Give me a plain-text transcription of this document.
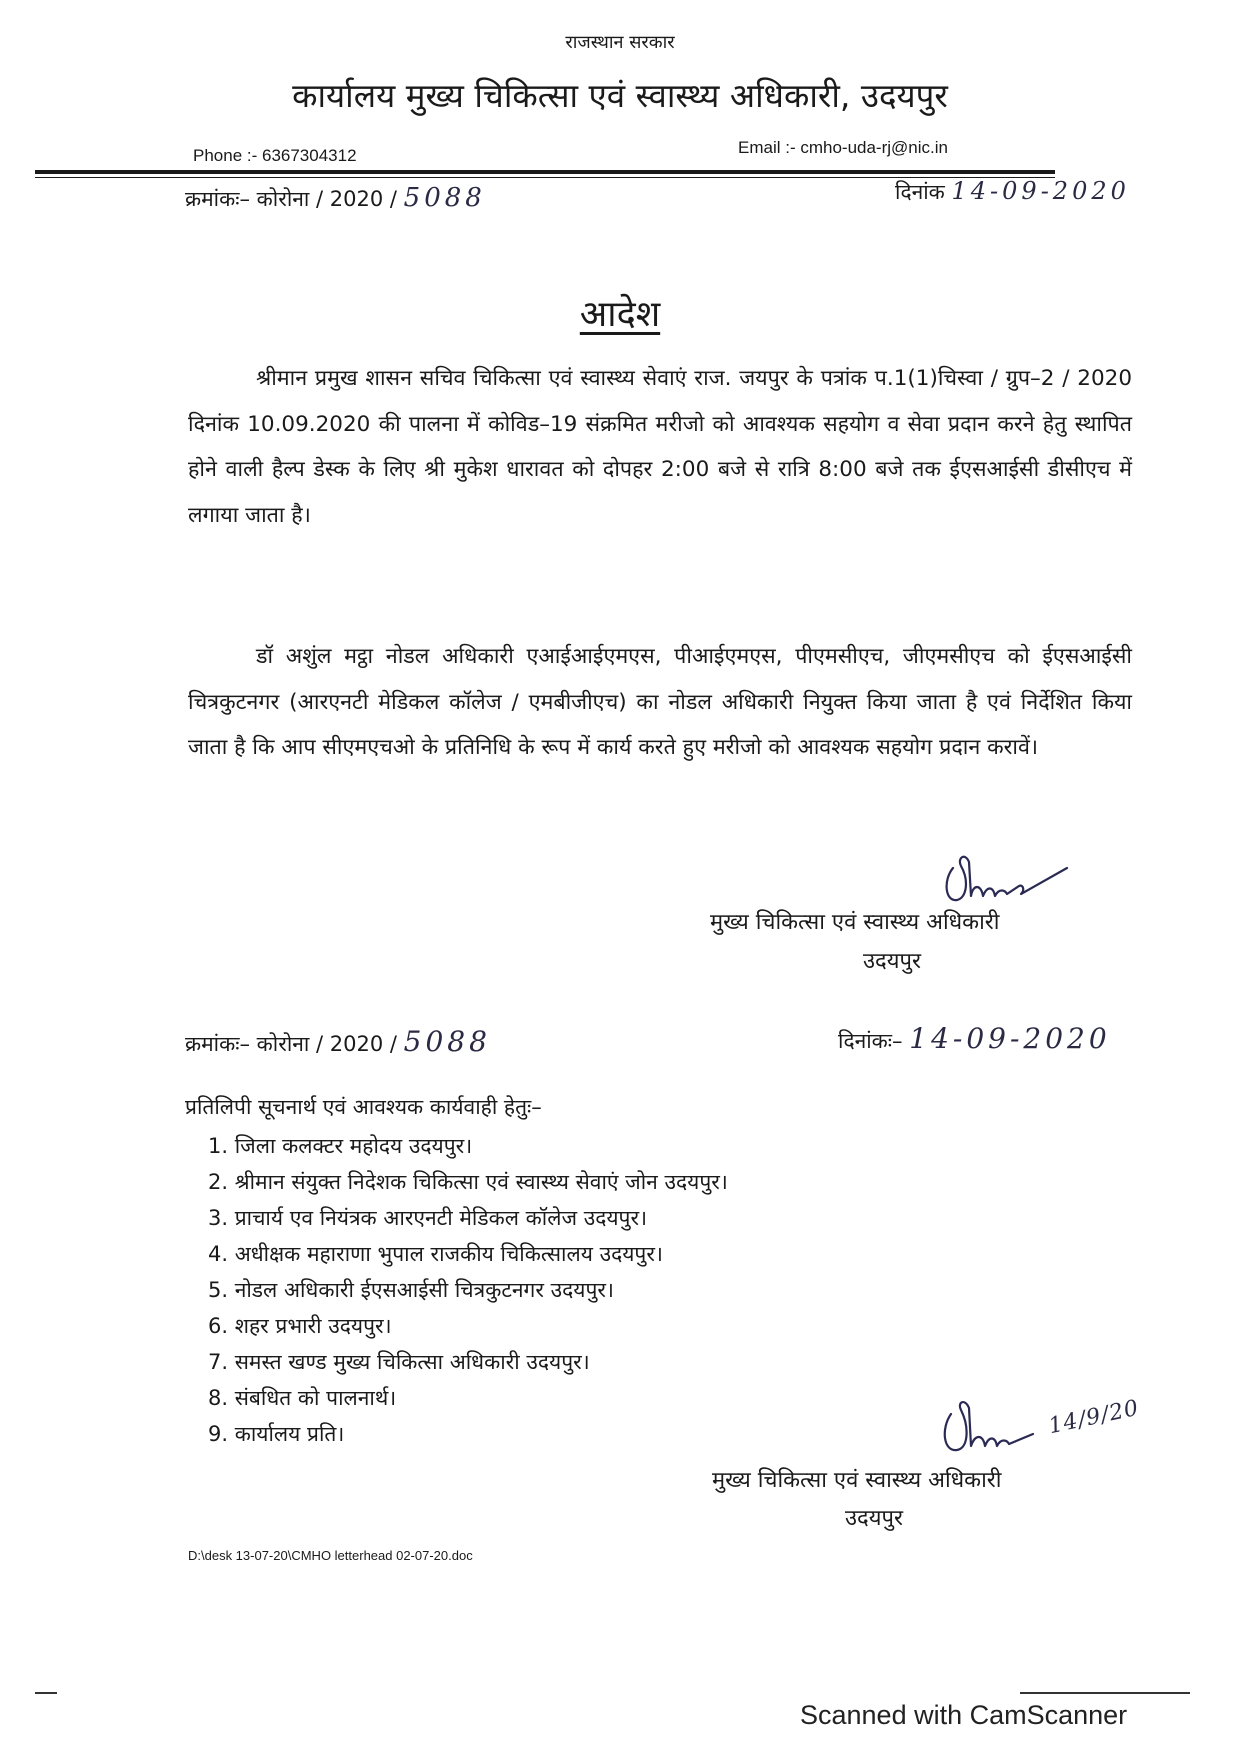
राजस्थान सरकार
कार्यालय मुख्य चिकित्सा एवं स्वास्थ्य अधिकारी, उदयपुर
Phone :- 6367304312	Email :- cmho-uda-rj@nic.in
क्रमांकः– कोरोना / 2020 / 5088	दिनांक 14-09-2020
आदेश

श्रीमान प्रमुख शासन सचिव चिकित्सा एवं स्वास्थ्य सेवाएं राज. जयपुर के पत्रांक प.1(1)चिस्वा / ग्रुप–2 / 2020 दिनांक 10.09.2020 की पालना में कोविड–19 संक्रमित मरीजो को आवश्यक सहयोग व सेवा प्रदान करने हेतु स्थापित होने वाली हैल्प डेस्क के लिए श्री मुकेश धारावत को दोपहर 2:00 बजे से रात्रि 8:00 बजे तक ईएसआईसी डीसीएच में लगाया जाता है।

डॉ अशुंल मट्ठा नोडल अधिकारी एआईआईएमएस, पीआईएमएस, पीएमसीएच, जीएमसीएच को ईएसआईसी चित्रकुटनगर (आरएनटी मेडिकल कॉलेज / एमबीजीएच) का नोडल अधिकारी नियुक्त किया जाता है एवं निर्देशित किया जाता है कि आप सीएमएचओ के प्रतिनिधि के रूप में कार्य करते हुए मरीजो को आवश्यक सहयोग प्रदान करावें।

मुख्य चिकित्सा एवं स्वास्थ्य अधिकारी
उदयपुर
क्रमांकः– कोरोना / 2020 / 5088	दिनांकः– 14-09-2020
प्रतिलिपी सूचनार्थ एवं आवश्यक कार्यवाही हेतुः–
1. जिला कलक्टर महोदय उदयपुर।
2. श्रीमान संयुक्त निदेशक चिकित्सा एवं स्वास्थ्य सेवाएं जोन उदयपुर।
3. प्राचार्य एव नियंत्रक आरएनटी मेडिकल कॉलेज उदयपुर।
4. अधीक्षक महाराणा भुपाल राजकीय चिकित्सालय उदयपुर।
5. नोडल अधिकारी ईएसआईसी चित्रकुटनगर उदयपुर।
6. शहर प्रभारी उदयपुर।
7. समस्त खण्ड मुख्य चिकित्सा अधिकारी उदयपुर।
8. संबधित को पालनार्थ।
9. कार्यालय प्रति।	14/9/20
मुख्य चिकित्सा एवं स्वास्थ्य अधिकारी
उदयपुर
D:\desk 13-07-20\CMHO letterhead 02-07-20.doc
Scanned with CamScanner
